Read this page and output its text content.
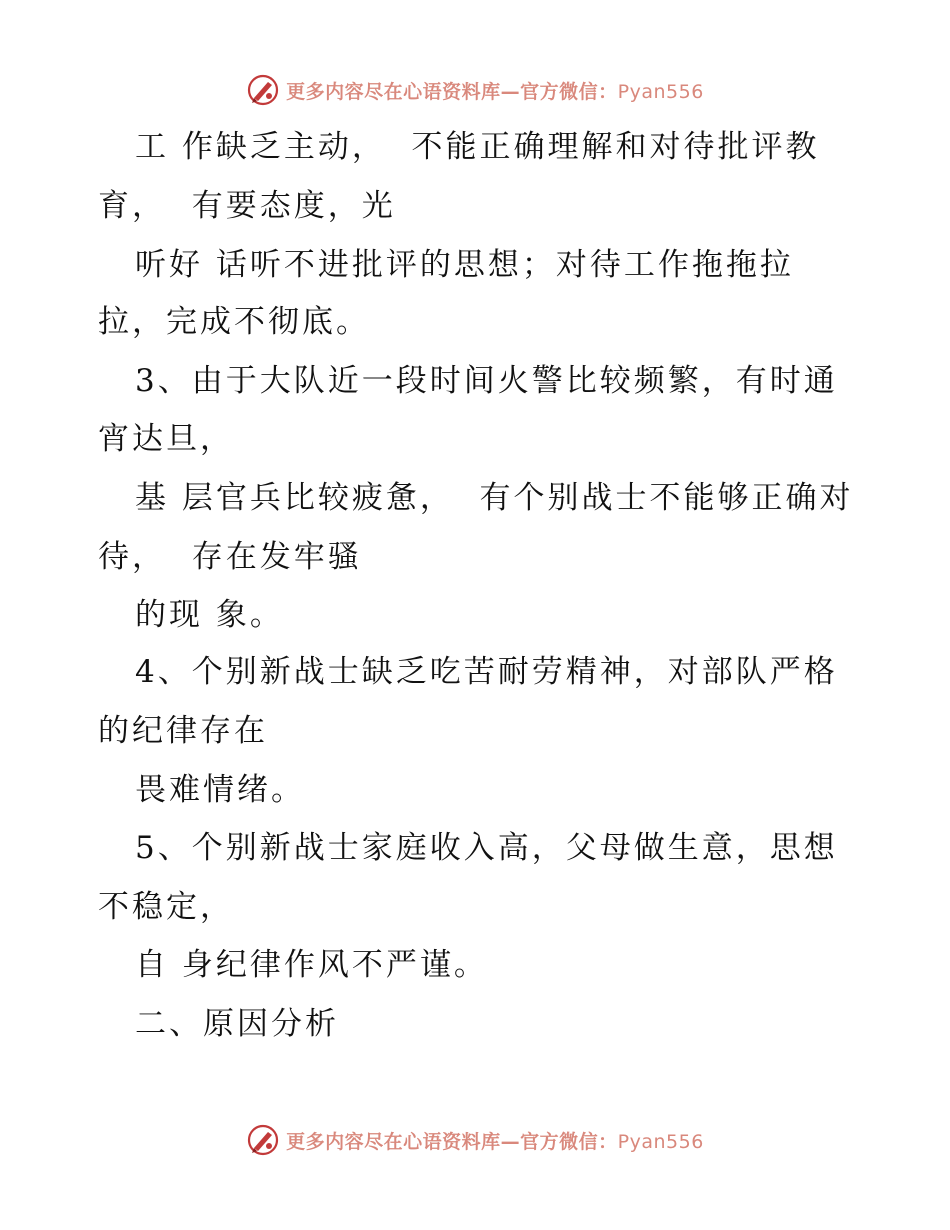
更多内容尽在心语资料库—官方微信：Pyan556
工 作缺乏主动，  不能正确理解和对待批评教
育，  有要态度，光
听好 话听不进批评的思想；对待工作拖拖拉
拉，完成不彻底。
3、由于大队近一段时间火警比较频繁，有时通
宵达旦，
基 层官兵比较疲惫，  有个别战士不能够正确对
待，  存在发牢骚
的现 象。
4、个别新战士缺乏吃苦耐劳精神，对部队严格
的纪律存在
畏难情绪。
5、个别新战士家庭收入高，父母做生意，思想
不稳定，
自 身纪律作风不严谨。
二、原因分析
更多内容尽在心语资料库—官方微信：Pyan556
